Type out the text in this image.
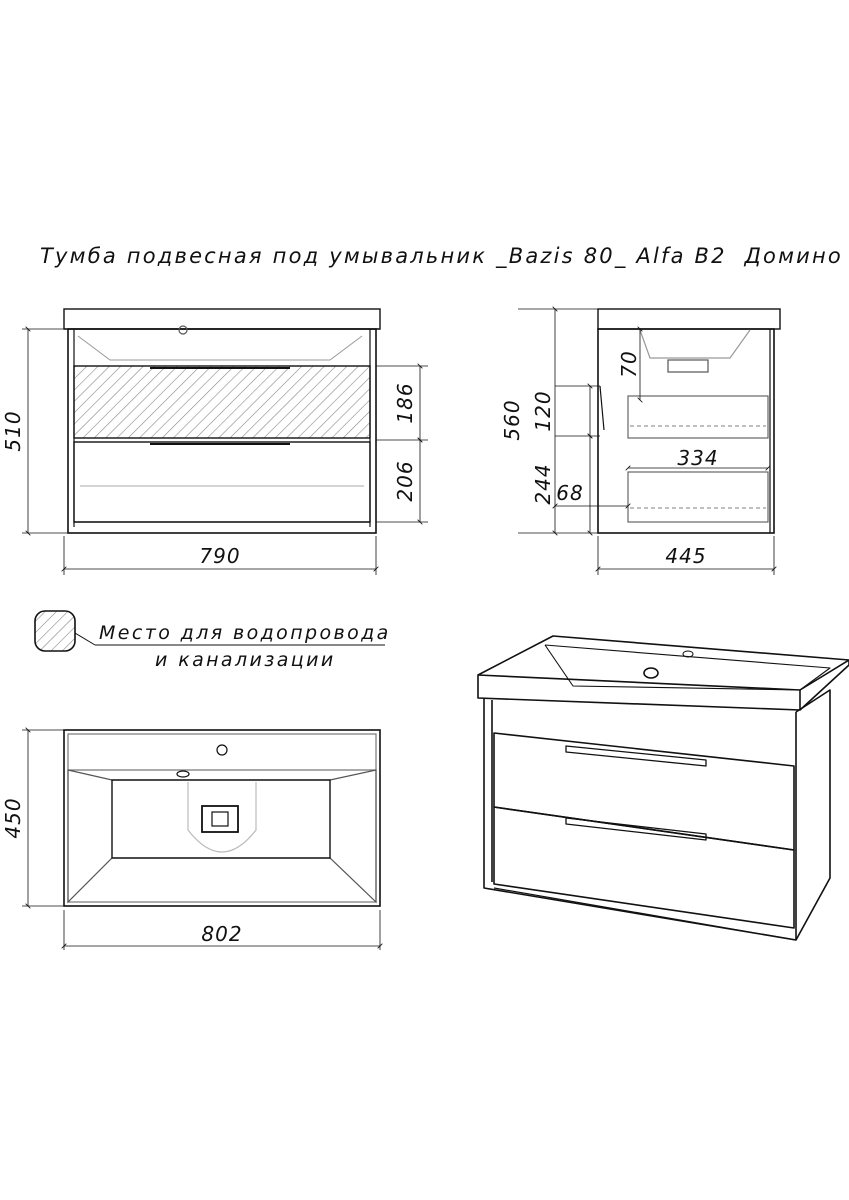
Тумба подвесная под умывальник _Bazis 80_ Alfa B2  Домино
790
510
186
206
445
560 120
244
70
68
334
802
450
Место для водопровода
и канализации
